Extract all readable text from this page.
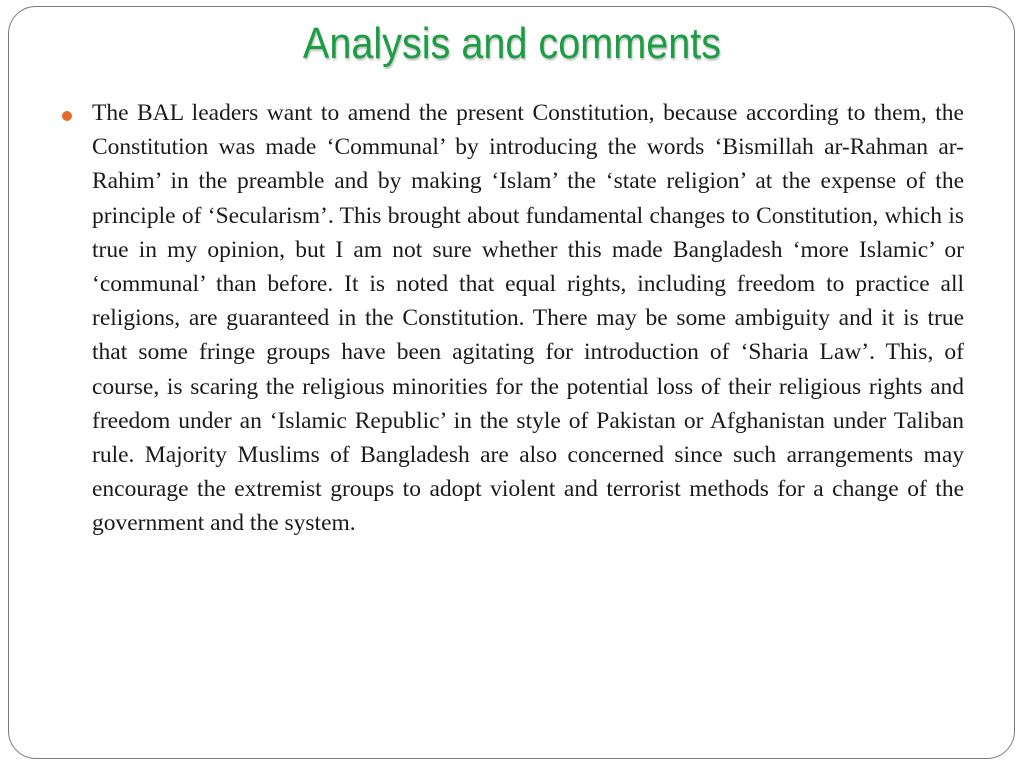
Analysis and comments

The BAL leaders want to amend the present Constitution, because according to them, the Constitution was made ‘Communal’ by introducing the words ‘Bismillah ar-Rahman ar-Rahim’ in the preamble and by making ‘Islam’ the ‘state religion’ at the expense of the principle of ‘Secularism’. This brought about fundamental changes to Constitution, which is true in my opinion, but I am not sure whether this made Bangladesh ‘more Islamic’ or ‘communal’ than before. It is noted that equal rights, including freedom to practice all religions, are guaranteed in the Constitution. There may be some ambiguity and it is true that some fringe groups have been agitating for introduction of ‘Sharia Law’. This, of course, is scaring the religious minorities for the potential loss of their religious rights and freedom under an ‘Islamic Republic’ in the style of Pakistan or Afghanistan under Taliban rule. Majority Muslims of Bangladesh are also concerned since such arrangements may encourage the extremist groups to adopt violent and terrorist methods for a change of the government and the system.
